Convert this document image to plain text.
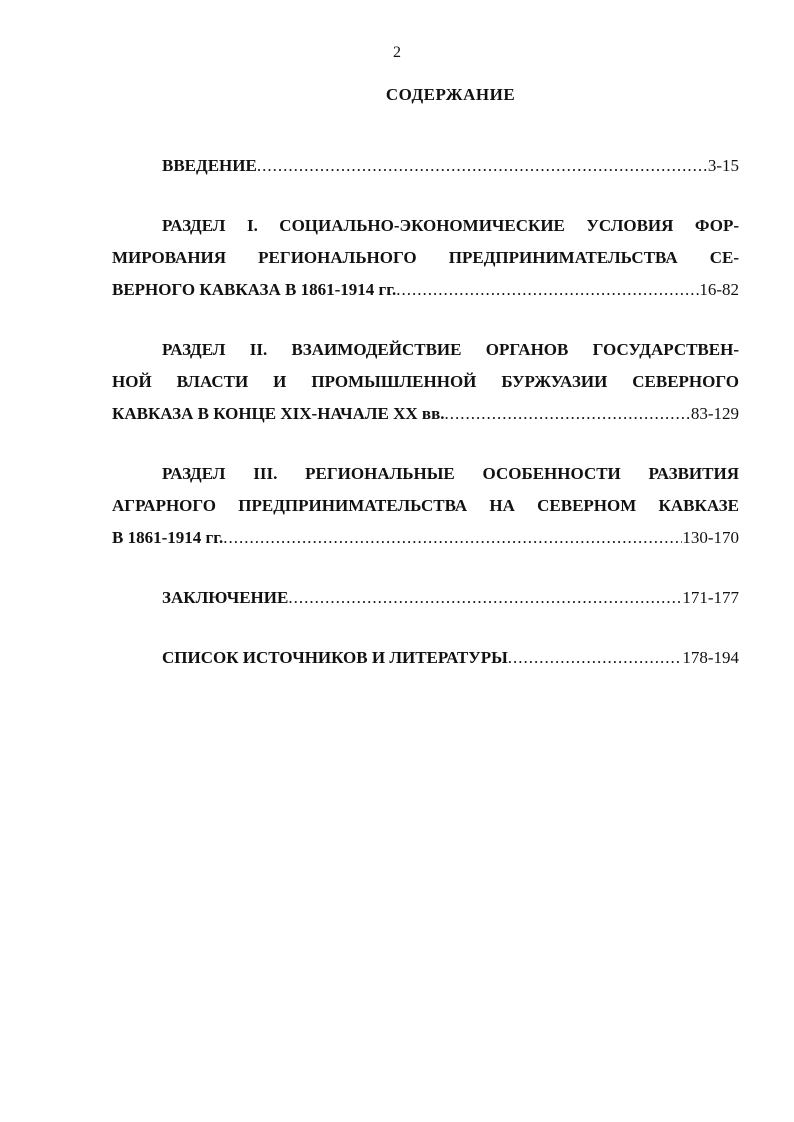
2
СОДЕРЖАНИЕ
ВВЕДЕНИЕ .....	3-15
РАЗДЕЛ I. СОЦИАЛЬНО-ЭКОНОМИЧЕСКИЕ УСЛОВИЯ ФОР-
МИРОВАНИЯ РЕГИОНАЛЬНОГО ПРЕДПРИНИМАТЕЛЬСТВА СЕ-
ВЕРНОГО КАВКАЗА В 1861-1914 гг. .....	16-82
РАЗДЕЛ II. ВЗАИМОДЕЙСТВИЕ ОРГАНОВ ГОСУДАРСТВЕН-
НОЙ ВЛАСТИ И ПРОМЫШЛЕННОЙ БУРЖУАЗИИ СЕВЕРНОГО
КАВКАЗА В КОНЦЕ XIX-НАЧАЛЕ XX вв. .....	83-129
РАЗДЕЛ III. РЕГИОНАЛЬНЫЕ ОСОБЕННОСТИ РАЗВИТИЯ
АГРАРНОГО ПРЕДПРИНИМАТЕЛЬСТВА НА СЕВЕРНОМ КАВКАЗЕ
В 1861-1914 гг. .....	130-170
ЗАКЛЮЧЕНИЕ .....	171-177
СПИСОК ИСТОЧНИКОВ И ЛИТЕРАТУРЫ .....	178-194
